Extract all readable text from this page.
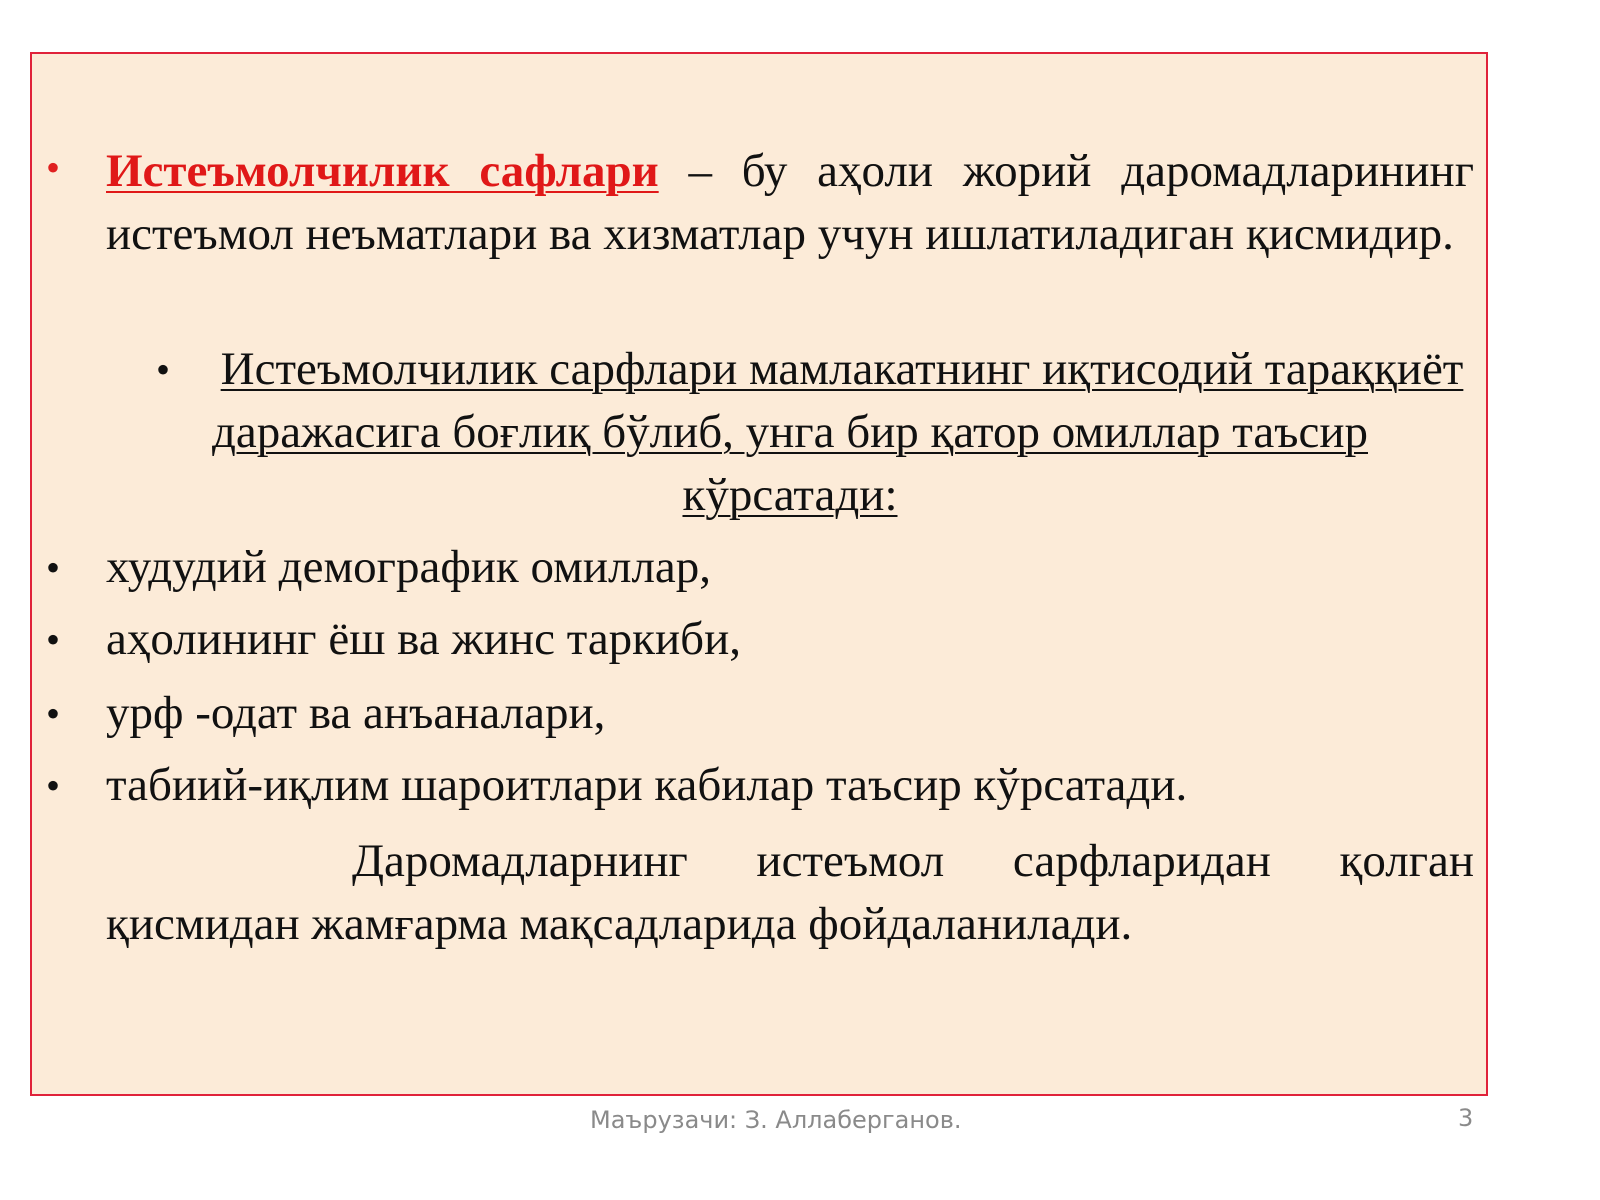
• Истеъмолчилик сафлари – бу аҳоли жорий даромадларининг истеъмол неъматлари ва хизматлар учун ишлатиладиган қисмидир.
•	Истеъмолчилик сарфлари мамлакатнинг иқтисодий тараққиёт даражасига боғлиқ бўлиб, унга бир қатор омиллар таъсир кўрсатади:
• худудий демографик омиллар,
• аҳолининг ёш ва жинс таркиби,
• урф -одат ва анъаналари,
• табиий-иқлим шароитлари кабилар таъсир кўрсатади.
Даромадларнинг истеъмол сарфларидан қолган қисмидан жамғарма мақсадларида фойдаланилади.
Маърузачи: З. Аллаберганов.	3
